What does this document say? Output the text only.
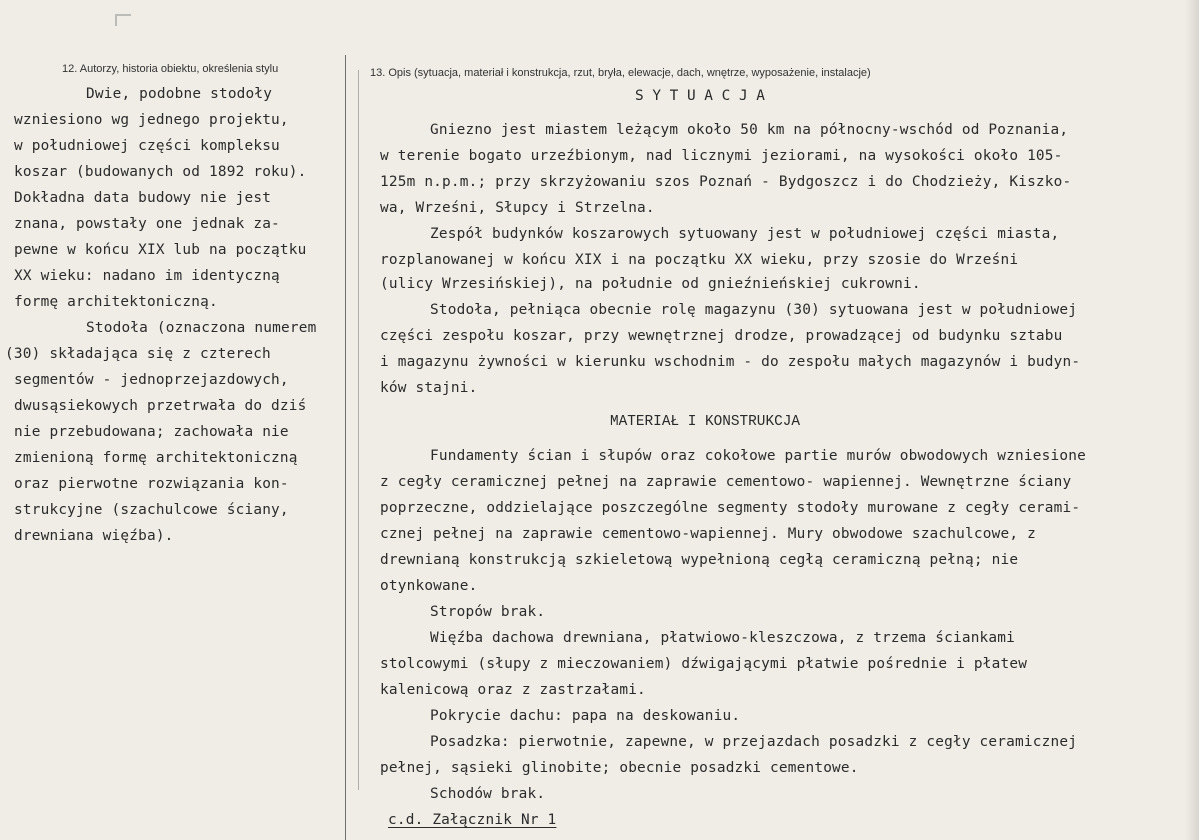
12. Autorzy, historia obiektu, określenia stylu
Dwie, podobne stodoły
wzniesiono wg jednego projektu,
w południowej części kompleksu
koszar (budowanych od 1892 roku).
Dokładna data budowy nie jest
znana, powstały one jednak za-
pewne w końcu XIX lub na początku
XX wieku: nadano im identyczną
formę architektoniczną.
Stodoła (oznaczona numerem
(30) składająca się z czterech
segmentów - jednoprzejazdowych,
dwusąsiekowych przetrwała do dziś
nie przebudowana; zachowała nie
zmienioną formę architektoniczną
oraz pierwotne rozwiązania kon-
strukcyjne (szachulcowe ściany,
drewniana więźba).
13. Opis (sytuacja, materiał i konstrukcja, rzut, bryła, elewacje, dach, wnętrze, wyposażenie, instalacje)
S Y T U A C J A
Gniezno jest miastem leżącym około 50 km na północny-wschód od Poznania,
w terenie bogato urzeźbionym, nad licznymi jeziorami, na wysokości około 105-
125m n.p.m.; przy skrzyżowaniu szos Poznań - Bydgoszcz i do Chodzieży, Kiszko-
wa, Wrześni, Słupcy i Strzelna.
Zespół budynków koszarowych sytuowany jest w południowej części miasta,
rozplanowanej w końcu XIX i na początku XX wieku, przy szosie do Wrześni
(ulicy Wrzesińskiej), na południe od gnieźnieńskiej cukrowni.
Stodoła, pełniąca obecnie rolę magazynu (30) sytuowana jest w południowej
części zespołu koszar, przy wewnętrznej drodze, prowadzącej od budynku sztabu
i magazynu żywności w kierunku wschodnim - do zespołu małych magazynów i budyn-
ków stajni.
MATERIAŁ I KONSTRUKCJA
Fundamenty ścian i słupów oraz cokołowe partie murów obwodowych wzniesione
z cegły ceramicznej pełnej na zaprawie cementowo- wapiennej. Wewnętrzne ściany
poprzeczne, oddzielające poszczególne segmenty stodoły murowane z cegły cerami-
cznej pełnej na zaprawie cementowo-wapiennej. Mury obwodowe szachulcowe, z
drewnianą konstrukcją szkieletową wypełnioną cegłą ceramiczną pełną; nie
otynkowane.
Stropów brak.
Więźba dachowa drewniana, płatwiowo-kleszczowa, z trzema ściankami
stolcowymi (słupy z mieczowaniem) dźwigającymi płatwie pośrednie i płatew
kalenicową oraz z zastrzałami.
Pokrycie dachu: papa na deskowaniu.
Posadzka: pierwotnie, zapewne, w przejazdach posadzki z cegły ceramicznej
pełnej, sąsieki glinobite; obecnie posadzki cementowe.
Schodów brak.
c.d. Załącznik Nr 1
